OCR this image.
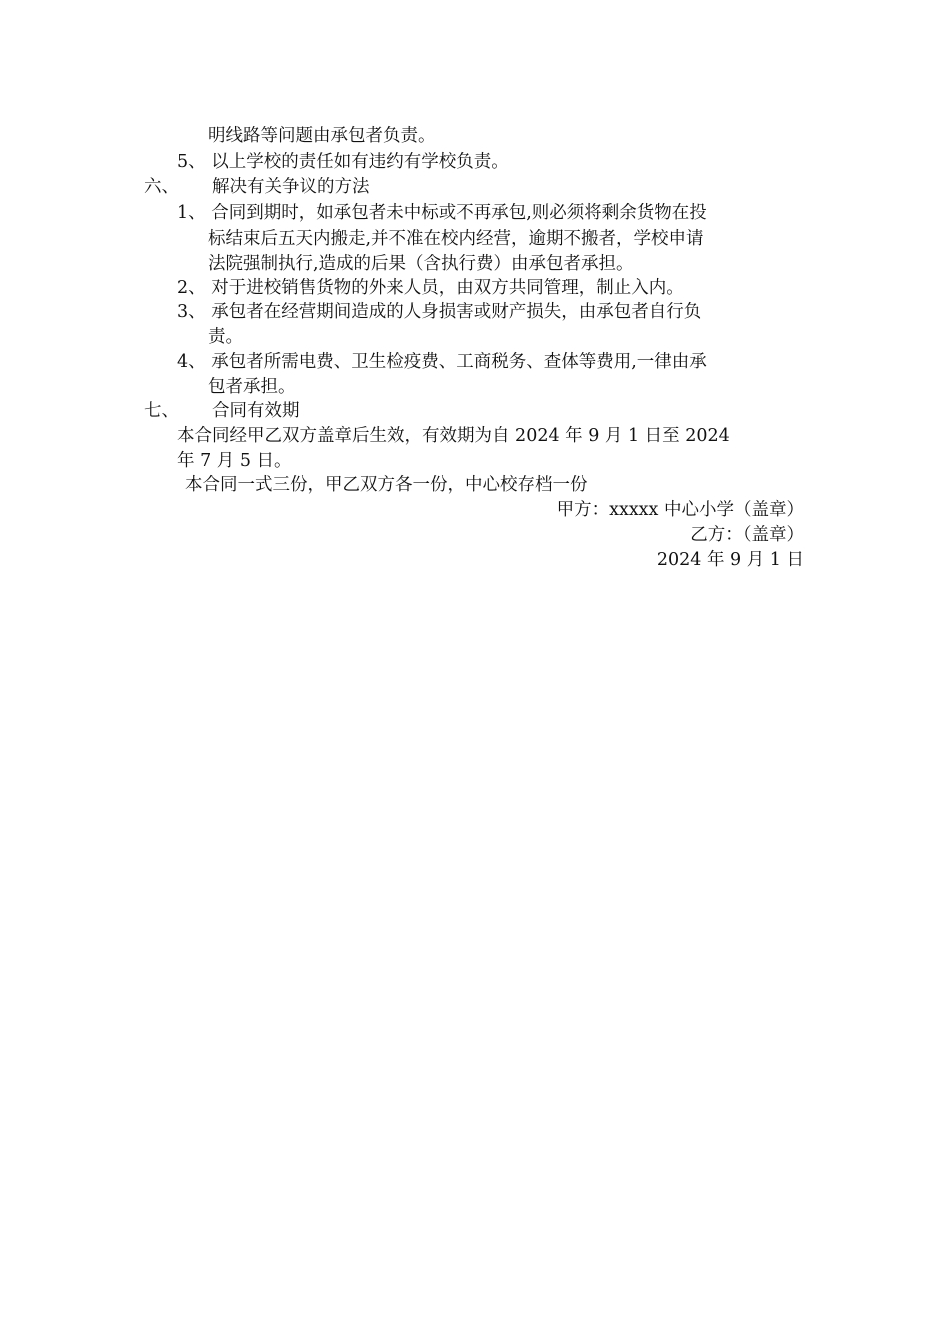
明线路等问题由承包者负责。
5、 以上学校的责任如有违约有学校负责。
六、 解决有关争议的方法
1、 合同到期时，如承包者未中标或不再承包,则必须将剩余货物在投
标结束后五天内搬走,并不准在校内经营，逾期不搬者，学校申请
法院强制执行,造成的后果（含执行费）由承包者承担。
2、 对于进校销售货物的外来人员，由双方共同管理，制止入内。
3、 承包者在经营期间造成的人身损害或财产损失，由承包者自行负
责。
4、 承包者所需电费、卫生检疫费、工商税务、查体等费用,一律由承
包者承担。
七、 合同有效期
本合同经甲乙双方盖章后生效，有效期为自 2024 年 9 月 1 日至 2024
年 7 月 5 日。
本合同一式三份，甲乙双方各一份，中心校存档一份
甲方：xxxxx 中心小学（盖章）
乙方：（盖章）
2024 年 9 月 1 日
